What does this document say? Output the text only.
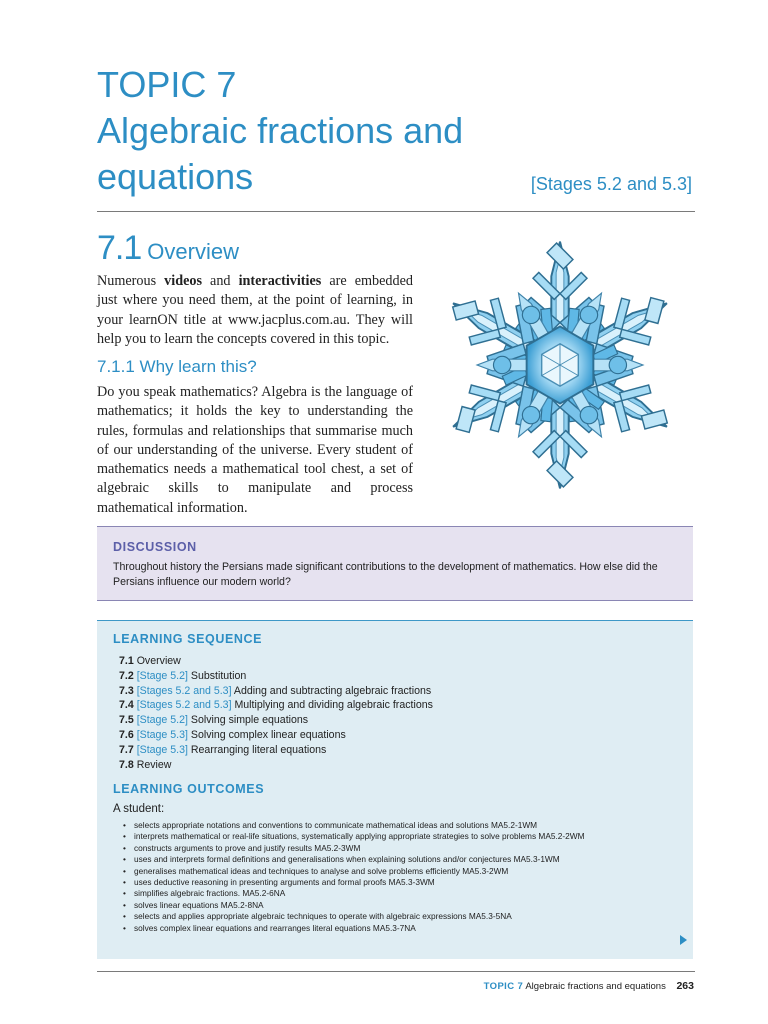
TOPIC 7
Algebraic fractions and
equations	[Stages 5.2 and 5.3]
7.1 Overview
Numerous videos and interactivities are embedded just where you need them, at the point of learning, in your learnON title at www.jacplus.com.au. They will help you to learn the concepts covered in this topic.
7.1.1 Why learn this?
Do you speak mathematics? Algebra is the language of mathematics; it holds the key to understanding the rules, formulas and relationships that summarise much of our understanding of the universe. Every student of mathematics needs a mathematical tool chest, a set of algebraic skills to manipulate and process mathematical information.
DISCUSSION
Throughout history the Persians made significant contributions to the development of mathematics. How else did the Persians influence our modern world?
LEARNING SEQUENCE
7.1 Overview
7.2 [Stage 5.2] Substitution
7.3 [Stages 5.2 and 5.3] Adding and subtracting algebraic fractions
7.4 [Stages 5.2 and 5.3] Multiplying and dividing algebraic fractions
7.5 [Stage 5.2] Solving simple equations
7.6 [Stage 5.3] Solving complex linear equations
7.7 [Stage 5.3] Rearranging literal equations
7.8 Review
LEARNING OUTCOMES
A student:
• selects appropriate notations and conventions to communicate mathematical ideas and solutions MA5.2-1WM
• interprets mathematical or real-life situations, systematically applying appropriate strategies to solve problems MA5.2-2WM
• constructs arguments to prove and justify results MA5.2-3WM
• uses and interprets formal definitions and generalisations when explaining solutions and/or conjectures MA5.3-1WM
• generalises mathematical ideas and techniques to analyse and solve problems efficiently MA5.3-2WM
• uses deductive reasoning in presenting arguments and formal proofs MA5.3-3WM
• simplifies algebraic fractions. MA5.2-6NA
• solves linear equations MA5.2-8NA
• selects and applies appropriate algebraic techniques to operate with algebraic expressions MA5.3-5NA
• solves complex linear equations and rearranges literal equations MA5.3-7NA
TOPIC 7 Algebraic fractions and equations 263
